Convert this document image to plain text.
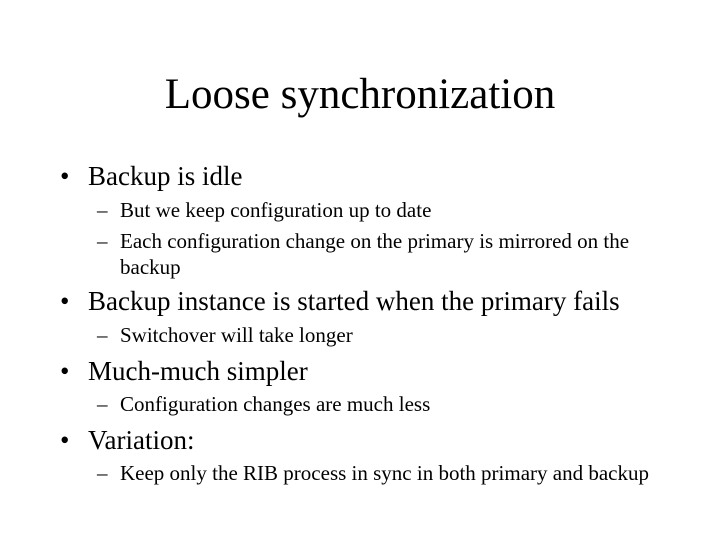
Loose synchronization
• Backup is idle
– But we keep configuration up to date
– Each configuration change on the primary is mirrored on the backup
• Backup instance is started when the primary fails
– Switchover will take longer
• Much-much simpler
– Configuration changes are much less
• Variation:
– Keep only the RIB process in sync in both primary and backup
